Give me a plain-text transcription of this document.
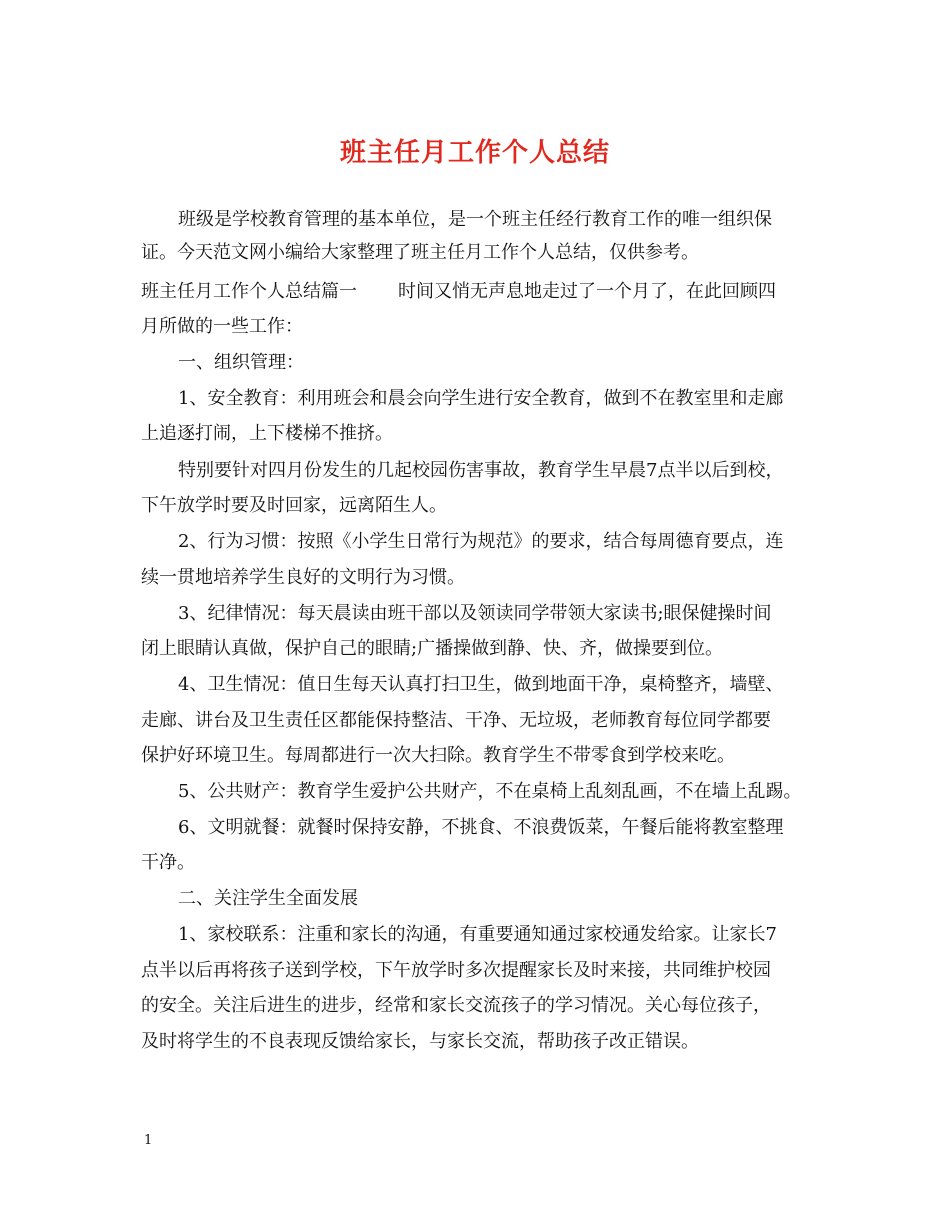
班主任月工作个人总结
班级是学校教育管理的基本单位，是一个班主任经行教育工作的唯一组织保
证。今天范文网小编给大家整理了班主任月工作个人总结，仅供参考。
班主任月工作个人总结篇一 时间又悄无声息地走过了一个月了，在此回顾四
月所做的一些工作：
一、组织管理：
1、安全教育：利用班会和晨会向学生进行安全教育，做到不在教室里和走廊
上追逐打闹，上下楼梯不推挤。
特别要针对四月份发生的几起校园伤害事故，教育学生早晨7点半以后到校，
下午放学时要及时回家，远离陌生人。
2、行为习惯：按照《小学生日常行为规范》的要求，结合每周德育要点，连
续一贯地培养学生良好的文明行为习惯。
3、纪律情况：每天晨读由班干部以及领读同学带领大家读书;眼保健操时间
闭上眼睛认真做，保护自己的眼睛;广播操做到静、快、齐，做操要到位。
4、卫生情况：值日生每天认真打扫卫生，做到地面干净，桌椅整齐，墙壁、
走廊、讲台及卫生责任区都能保持整洁、干净、无垃圾，老师教育每位同学都要
保护好环境卫生。每周都进行一次大扫除。教育学生不带零食到学校来吃。
5、公共财产：教育学生爱护公共财产，不在桌椅上乱刻乱画，不在墙上乱踢。
6、文明就餐：就餐时保持安静，不挑食、不浪费饭菜，午餐后能将教室整理
干净。
二、关注学生全面发展
1、家校联系：注重和家长的沟通，有重要通知通过家校通发给家。让家长7
点半以后再将孩子送到学校，下午放学时多次提醒家长及时来接，共同维护校园
的安全。关注后进生的进步，经常和家长交流孩子的学习情况。关心每位孩子，
及时将学生的不良表现反馈给家长，与家长交流，帮助孩子改正错误。
1
